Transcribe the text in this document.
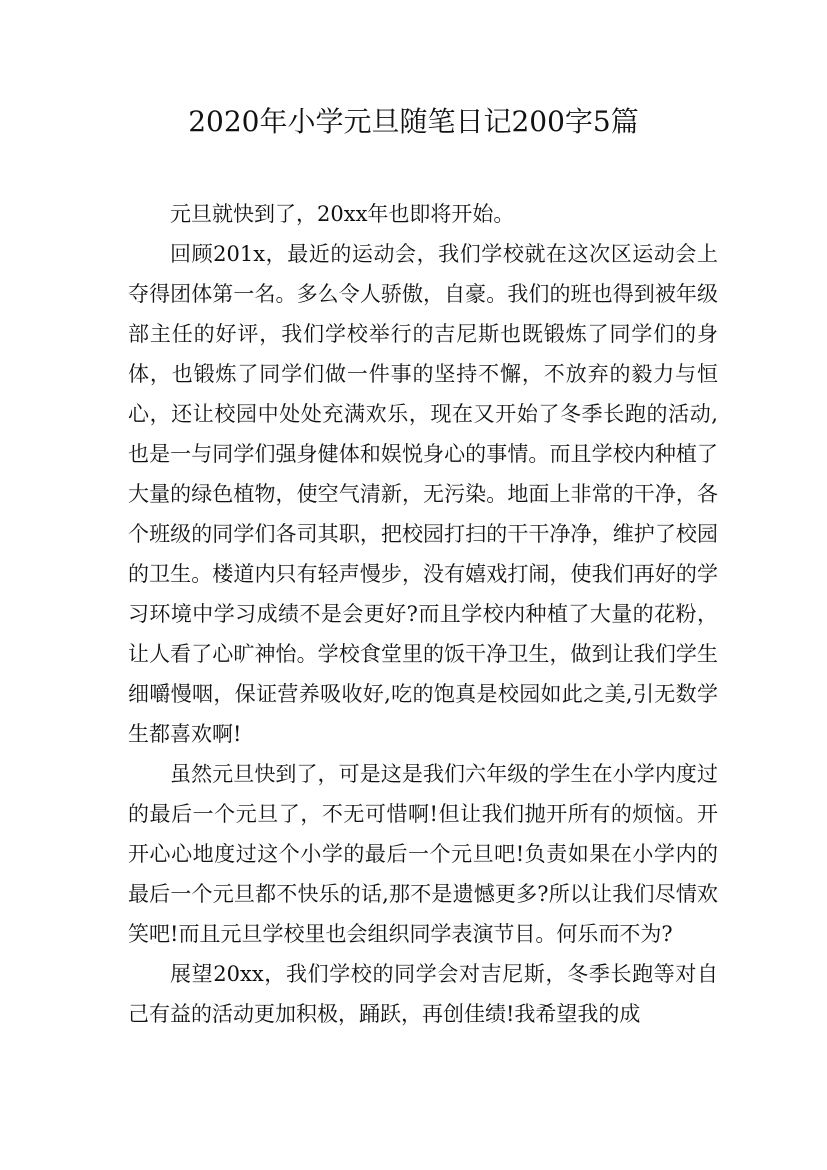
2020年小学元旦随笔日记200字5篇

元旦就快到了，20xx年也即将开始。

回顾201x，最近的运动会，我们学校就在这次区运动会上夺得团体第一名。多么令人骄傲，自豪。我们的班也得到被年级部主任的好评，我们学校举行的吉尼斯也既锻炼了同学们的身体，也锻炼了同学们做一件事的坚持不懈，不放弃的毅力与恒心，还让校园中处处充满欢乐，现在又开始了冬季长跑的活动,也是一与同学们强身健体和娱悦身心的事情。而且学校内种植了大量的绿色植物，使空气清新，无污染。地面上非常的干净，各个班级的同学们各司其职，把校园打扫的干干净净，维护了校园的卫生。楼道内只有轻声慢步，没有嬉戏打闹，使我们再好的学习环境中学习成绩不是会更好?而且学校内种植了大量的花粉，让人看了心旷神怡。学校食堂里的饭干净卫生，做到让我们学生细嚼慢咽，保证营养吸收好,吃的饱真是校园如此之美,引无数学生都喜欢啊!

虽然元旦快到了，可是这是我们六年级的学生在小学内度过的最后一个元旦了，不无可惜啊!但让我们抛开所有的烦恼。开开心心地度过这个小学的最后一个元旦吧!负责如果在小学内的最后一个元旦都不快乐的话,那不是遗憾更多?所以让我们尽情欢笑吧!而且元旦学校里也会组织同学表演节目。何乐而不为?

展望20xx，我们学校的同学会对吉尼斯，冬季长跑等对自己有益的活动更加积极，踊跃，再创佳绩!我希望我的成
